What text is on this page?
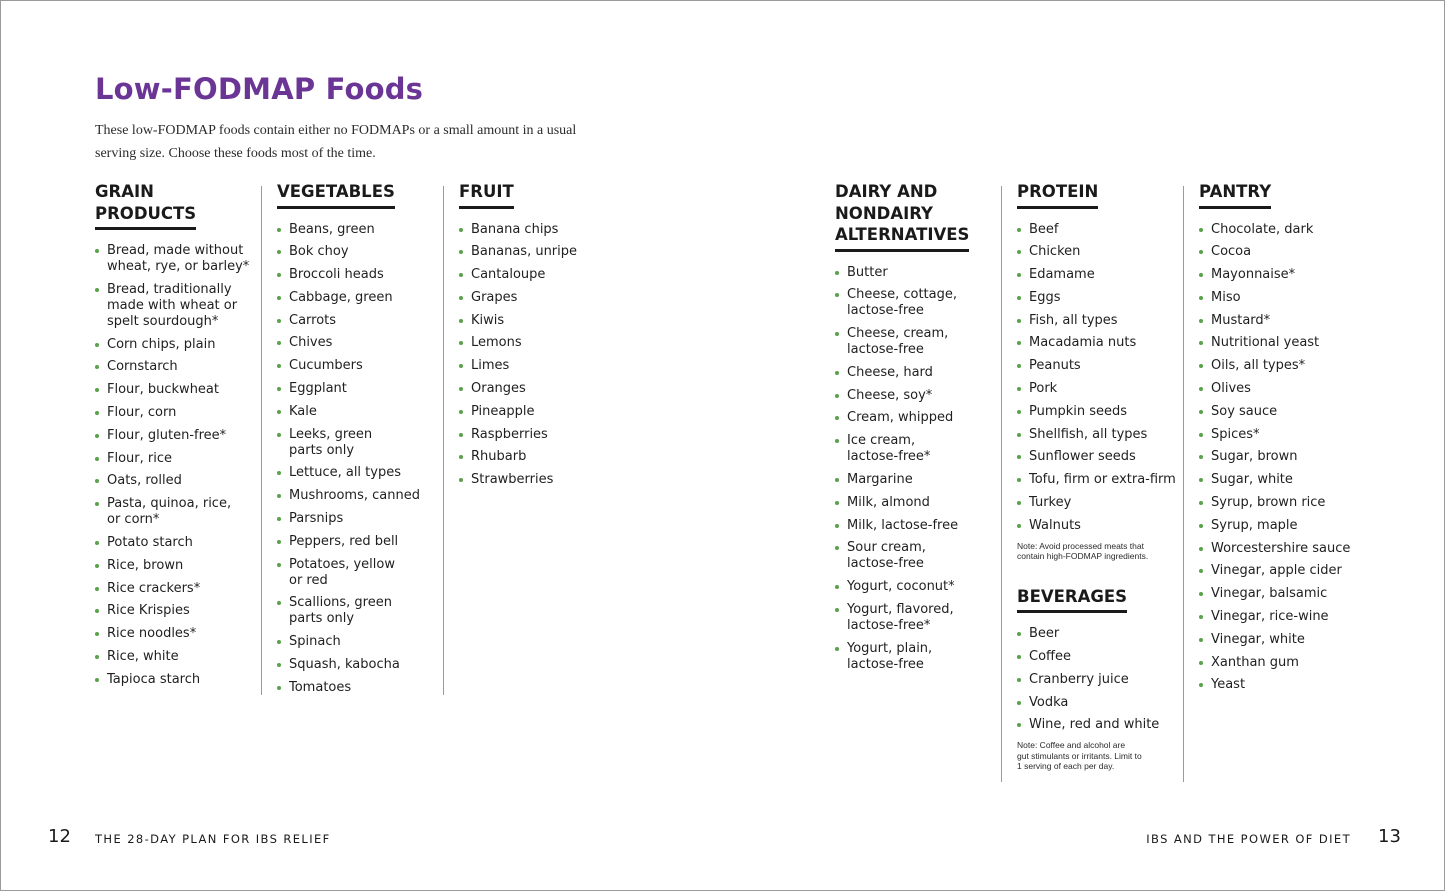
Low-FODMAP Foods

These low-FODMAP foods contain either no FODMAPs or a small amount in a usual serving size. Choose these foods most of the time.

GRAIN
PRODUCTS
Bread, made without
wheat, rye, or barley*
Bread, traditionally
made with wheat or
spelt sourdough*
Corn chips, plain
Cornstarch
Flour, buckwheat
Flour, corn
Flour, gluten-free*
Flour, rice
Oats, rolled
Pasta, quinoa, rice,
or corn*
Potato starch
Rice, brown
Rice crackers*
Rice Krispies
Rice noodles*
Rice, white
Tapioca starch
VEGETABLES
Beans, green
Bok choy
Broccoli heads
Cabbage, green
Carrots
Chives
Cucumbers
Eggplant
Kale
Leeks, green
parts only
Lettuce, all types
Mushrooms, canned
Parsnips
Peppers, red bell
Potatoes, yellow
or red
Scallions, green
parts only
Spinach
Squash, kabocha
Tomatoes
FRUIT
Banana chips
Bananas, unripe
Cantaloupe
Grapes
Kiwis
Lemons
Limes
Oranges
Pineapple
Raspberries
Rhubarb
Strawberries
DAIRY AND
NONDAIRY
ALTERNATIVES
Butter
Cheese, cottage,
lactose-free
Cheese, cream,
lactose-free
Cheese, hard
Cheese, soy*
Cream, whipped
Ice cream,
lactose-free*
Margarine
Milk, almond
Milk, lactose-free
Sour cream,
lactose-free
Yogurt, coconut*
Yogurt, flavored,
lactose-free*
Yogurt, plain,
lactose-free
PROTEIN
Beef
Chicken
Edamame
Eggs
Fish, all types
Macadamia nuts
Peanuts
Pork
Pumpkin seeds
Shellfish, all types
Sunflower seeds
Tofu, firm or extra-firm
Turkey
Walnuts

Note: Avoid processed meats that
contain high-FODMAP ingredients.

BEVERAGES
Beer
Coffee
Cranberry juice
Vodka
Wine, red and white

Note: Coffee and alcohol are
gut stimulants or irritants. Limit to
1 serving of each per day.

PANTRY
Chocolate, dark
Cocoa
Mayonnaise*
Miso
Mustard*
Nutritional yeast
Oils, all types*
Olives
Soy sauce
Spices*
Sugar, brown
Sugar, white
Syrup, brown rice
Syrup, maple
Worcestershire sauce
Vinegar, apple cider
Vinegar, balsamic
Vinegar, rice-wine
Vinegar, white
Xanthan gum
Yeast
12 THE 28-DAY PLAN FOR IBS RELIEF	IBS AND THE POWER OF DIET 13
